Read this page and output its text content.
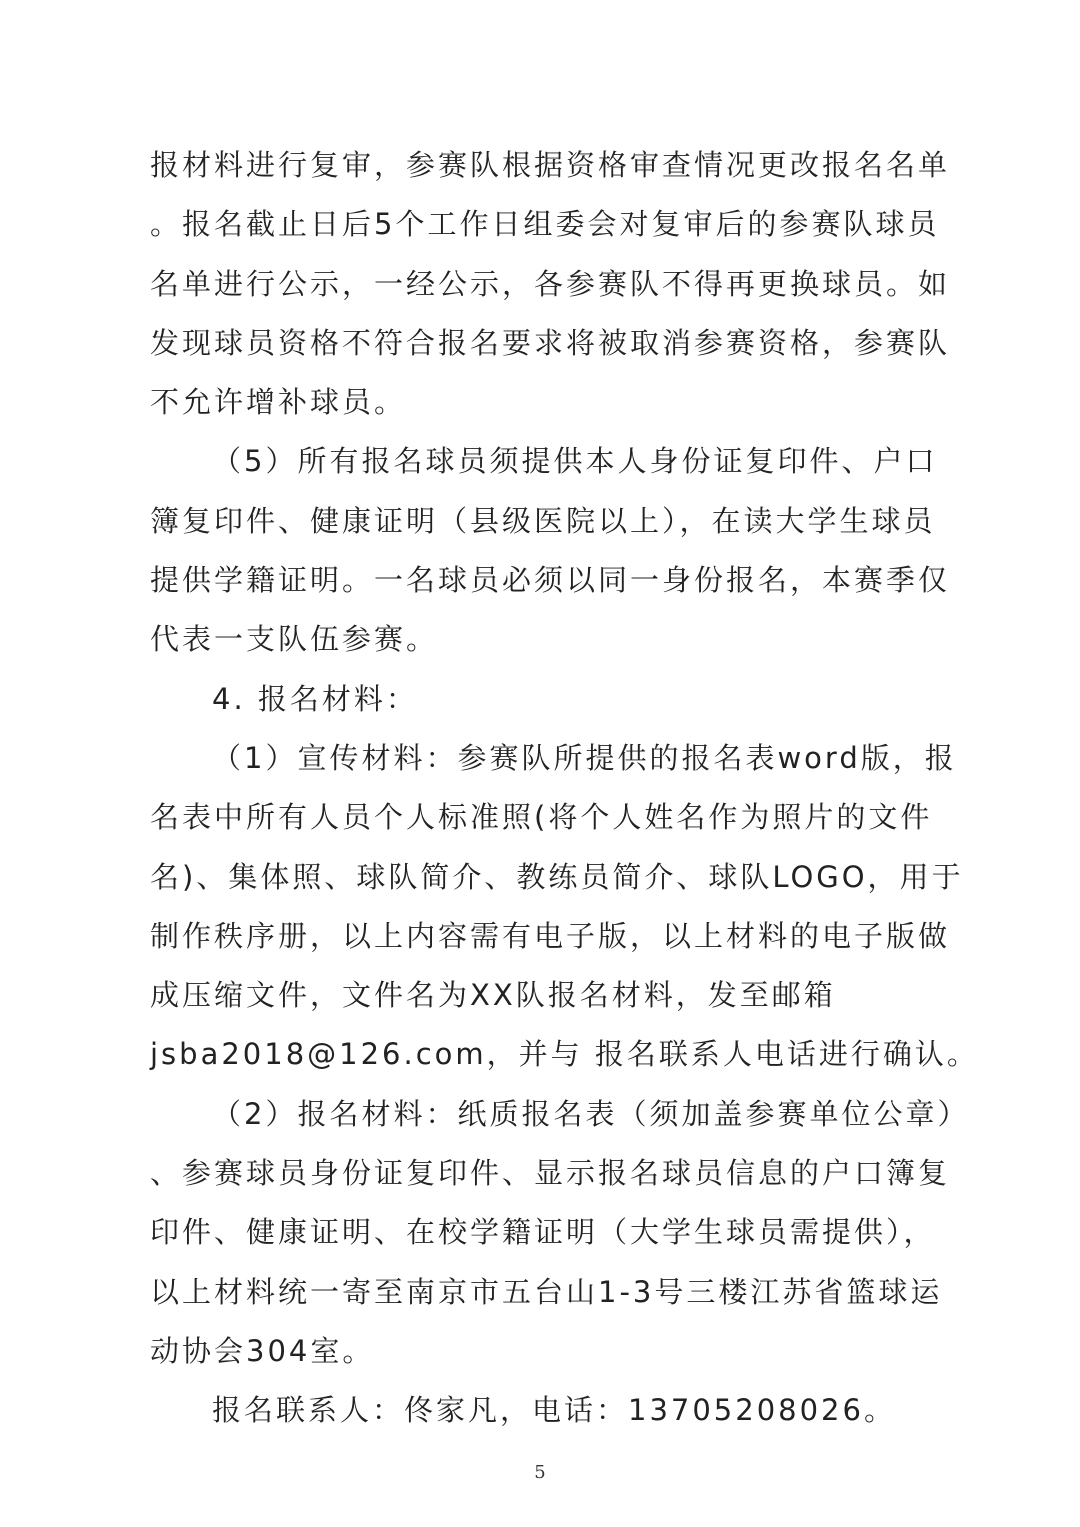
报材料进行复审，参赛队根据资格审查情况更改报名名单
。报名截止日后5个工作日组委会对复审后的参赛队球员
名单进行公示，一经公示，各参赛队不得再更换球员。如
发现球员资格不符合报名要求将被取消参赛资格，参赛队
不允许增补球员。
（5）所有报名球员须提供本人身份证复印件、户口
簿复印件、健康证明（县级医院以上），在读大学生球员
提供学籍证明。一名球员必须以同一身份报名，本赛季仅
代表一支队伍参赛。
4. 报名材料：
（1）宣传材料：参赛队所提供的报名表word版，报
名表中所有人员个人标准照(将个人姓名作为照片的文件
名)、集体照、球队简介、教练员简介、球队LOGO，用于
制作秩序册，以上内容需有电子版，以上材料的电子版做
成压缩文件，文件名为XX队报名材料，发至邮箱
jsba2018@126.com，并与 报名联系人电话进行确认。
（2）报名材料：纸质报名表（须加盖参赛单位公章）
、参赛球员身份证复印件、显示报名球员信息的户口簿复
印件、健康证明、在校学籍证明（大学生球员需提供），
以上材料统一寄至南京市五台山1-3号三楼江苏省篮球运
动协会304室。
报名联系人：佟家凡，电话：13705208026。
5
